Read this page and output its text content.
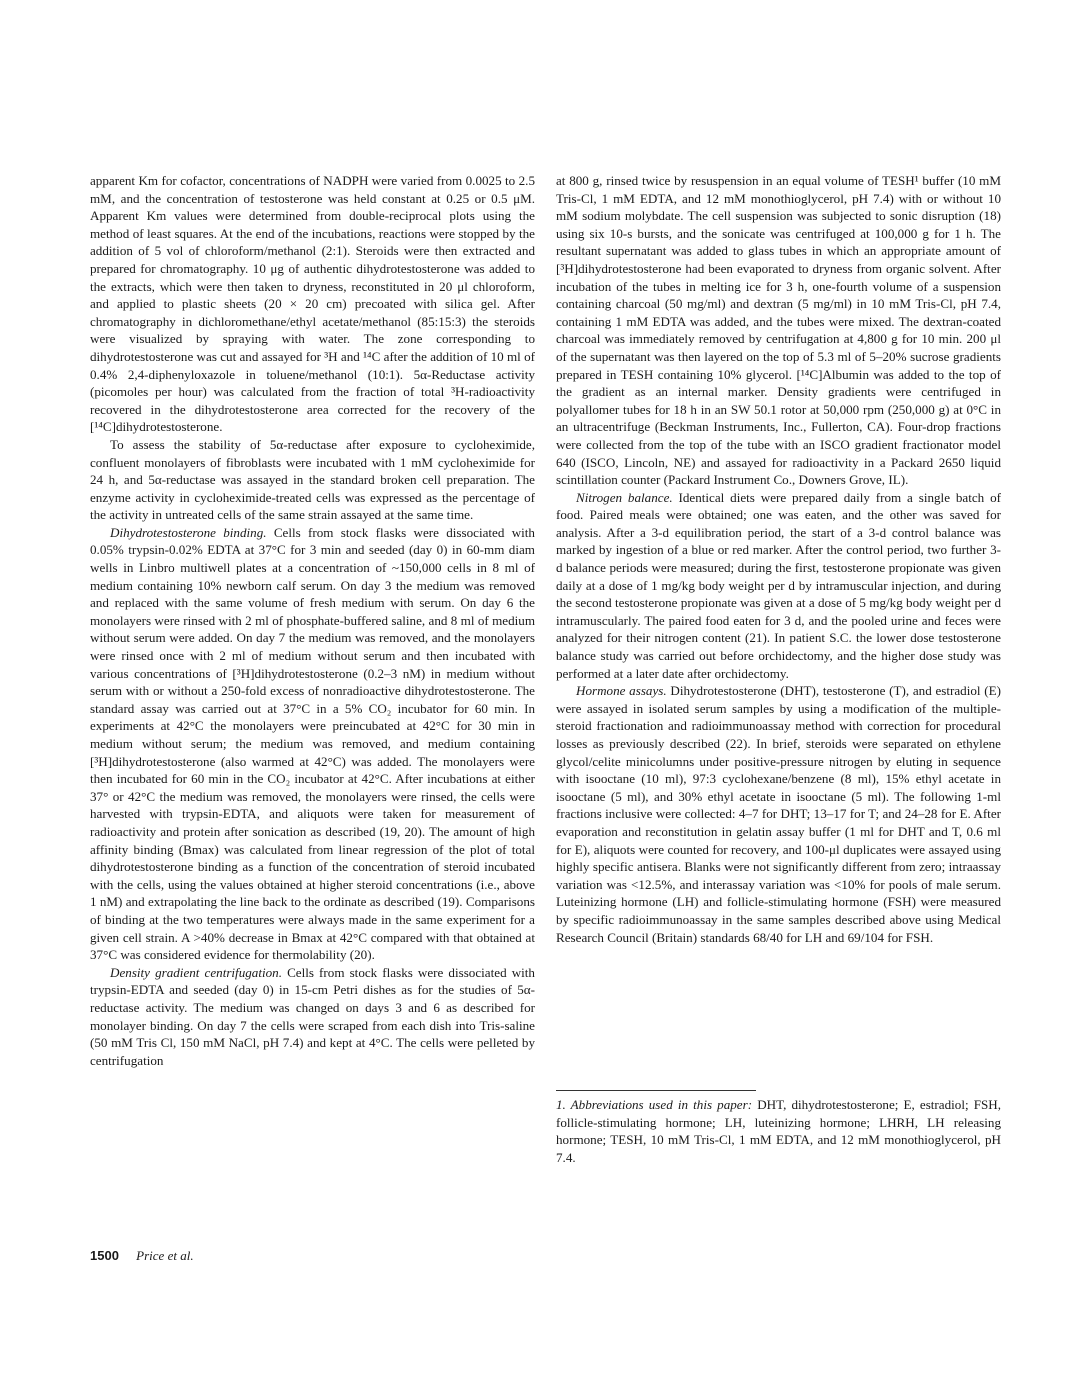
apparent Km for cofactor, concentrations of NADPH were varied from 0.0025 to 2.5 mM, and the concentration of testosterone was held constant at 0.25 or 0.5 μM. Apparent Km values were determined from double-reciprocal plots using the method of least squares. At the end of the incubations, reactions were stopped by the addition of 5 vol of chloroform/methanol (2:1). Steroids were then extracted and prepared for chromatography. 10 μg of authentic dihydrotestosterone was added to the extracts, which were then taken to dryness, reconstituted in 20 μl chloroform, and applied to plastic sheets (20 × 20 cm) precoated with silica gel. After chromatography in dichloromethane/ethyl acetate/methanol (85:15:3) the steroids were visualized by spraying with water. The zone corresponding to dihydrotestosterone was cut and assayed for ³H and ¹⁴C after the addition of 10 ml of 0.4% 2,4-diphenyloxazole in toluene/methanol (10:1). 5α-Reductase activity (picomoles per hour) was calculated from the fraction of total ³H-radioactivity recovered in the dihydrotestosterone area corrected for the recovery of the [¹⁴C]dihydrotestosterone.

To assess the stability of 5α-reductase after exposure to cycloheximide, confluent monolayers of fibroblasts were incubated with 1 mM cycloheximide for 24 h, and 5α-reductase was assayed in the standard broken cell preparation. The enzyme activity in cycloheximide-treated cells was expressed as the percentage of the activity in untreated cells of the same strain assayed at the same time.

Dihydrotestosterone binding. Cells from stock flasks were dissociated with 0.05% trypsin-0.02% EDTA at 37°C for 3 min and seeded (day 0) in 60-mm diam wells in Linbro multiwell plates at a concentration of ~150,000 cells in 8 ml of medium containing 10% newborn calf serum. On day 3 the medium was removed and replaced with the same volume of fresh medium with serum. On day 6 the monolayers were rinsed with 2 ml of phosphate-buffered saline, and 8 ml of medium without serum were added. On day 7 the medium was removed, and the monolayers were rinsed once with 2 ml of medium without serum and then incubated with various concentrations of [³H]dihydrotestosterone (0.2–3 nM) in medium without serum with or without a 250-fold excess of nonradioactive dihydrotestosterone. The standard assay was carried out at 37°C in a 5% CO₂ incubator for 60 min. In experiments at 42°C the monolayers were preincubated at 42°C for 30 min in medium without serum; the medium was removed, and medium containing [³H]dihydrotestosterone (also warmed at 42°C) was added. The monolayers were then incubated for 60 min in the CO₂ incubator at 42°C. After incubations at either 37° or 42°C the medium was removed, the monolayers were rinsed, the cells were harvested with trypsin-EDTA, and aliquots were taken for measurement of radioactivity and protein after sonication as described (19, 20). The amount of high affinity binding (Bmax) was calculated from linear regression of the plot of total dihydrotestosterone binding as a function of the concentration of steroid incubated with the cells, using the values obtained at higher steroid concentrations (i.e., above 1 nM) and extrapolating the line back to the ordinate as described (19). Comparisons of binding at the two temperatures were always made in the same experiment for a given cell strain. A >40% decrease in Bmax at 42°C compared with that obtained at 37°C was considered evidence for thermolability (20).

Density gradient centrifugation. Cells from stock flasks were dissociated with trypsin-EDTA and seeded (day 0) in 15-cm Petri dishes as for the studies of 5α-reductase activity. The medium was changed on days 3 and 6 as described for monolayer binding. On day 7 the cells were scraped from each dish into Tris-saline (50 mM Tris Cl, 150 mM NaCl, pH 7.4) and kept at 4°C. The cells were pelleted by centrifugation

at 800 g, rinsed twice by resuspension in an equal volume of TESH¹ buffer (10 mM Tris-Cl, 1 mM EDTA, and 12 mM monothioglycerol, pH 7.4) with or without 10 mM sodium molybdate. The cell suspension was subjected to sonic disruption (18) using six 10-s bursts, and the sonicate was centrifuged at 100,000 g for 1 h. The resultant supernatant was added to glass tubes in which an appropriate amount of [³H]dihydrotestosterone had been evaporated to dryness from organic solvent. After incubation of the tubes in melting ice for 3 h, one-fourth volume of a suspension containing charcoal (50 mg/ml) and dextran (5 mg/ml) in 10 mM Tris-Cl, pH 7.4, containing 1 mM EDTA was added, and the tubes were mixed. The dextran-coated charcoal was immediately removed by centrifugation at 4,800 g for 10 min. 200 μl of the supernatant was then layered on the top of 5.3 ml of 5–20% sucrose gradients prepared in TESH containing 10% glycerol. [¹⁴C]Albumin was added to the top of the gradient as an internal marker. Density gradients were centrifuged in polyallomer tubes for 18 h in an SW 50.1 rotor at 50,000 rpm (250,000 g) at 0°C in an ultracentrifuge (Beckman Instruments, Inc., Fullerton, CA). Four-drop fractions were collected from the top of the tube with an ISCO gradient fractionator model 640 (ISCO, Lincoln, NE) and assayed for radioactivity in a Packard 2650 liquid scintillation counter (Packard Instrument Co., Downers Grove, IL).

Nitrogen balance. Identical diets were prepared daily from a single batch of food. Paired meals were obtained; one was eaten, and the other was saved for analysis. After a 3-d equilibration period, the start of a 3-d control balance was marked by ingestion of a blue or red marker. After the control period, two further 3-d balance periods were measured; during the first, testosterone propionate was given daily at a dose of 1 mg/kg body weight per d by intramuscular injection, and during the second testosterone propionate was given at a dose of 5 mg/kg body weight per d intramuscularly. The paired food eaten for 3 d, and the pooled urine and feces were analyzed for their nitrogen content (21). In patient S.C. the lower dose testosterone balance study was carried out before orchidectomy, and the higher dose study was performed at a later date after orchidectomy.

Hormone assays. Dihydrotestosterone (DHT), testosterone (T), and estradiol (E) were assayed in isolated serum samples by using a modification of the multiple-steroid fractionation and radioimmunoassay method with correction for procedural losses as previously described (22). In brief, steroids were separated on ethylene glycol/celite minicolumns under positive-pressure nitrogen by eluting in sequence with isooctane (10 ml), 97:3 cyclohexane/benzene (8 ml), 15% ethyl acetate in isooctane (5 ml), and 30% ethyl acetate in isooctane (5 ml). The following 1-ml fractions inclusive were collected: 4–7 for DHT; 13–17 for T; and 24–28 for E. After evaporation and reconstitution in gelatin assay buffer (1 ml for DHT and T, 0.6 ml for E), aliquots were counted for recovery, and 100-μl duplicates were assayed using highly specific antisera. Blanks were not significantly different from zero; intraassay variation was <12.5%, and interassay variation was <10% for pools of male serum. Luteinizing hormone (LH) and follicle-stimulating hormone (FSH) were measured by specific radioimmunoassay in the same samples described above using Medical Research Council (Britain) standards 68/40 for LH and 69/104 for FSH.

1. Abbreviations used in this paper: DHT, dihydrotestosterone; E, estradiol; FSH, follicle-stimulating hormone; LH, luteinizing hormone; LHRH, LH releasing hormone; TESH, 10 mM Tris-Cl, 1 mM EDTA, and 12 mM monothioglycerol, pH 7.4.
1500 Price et al.
